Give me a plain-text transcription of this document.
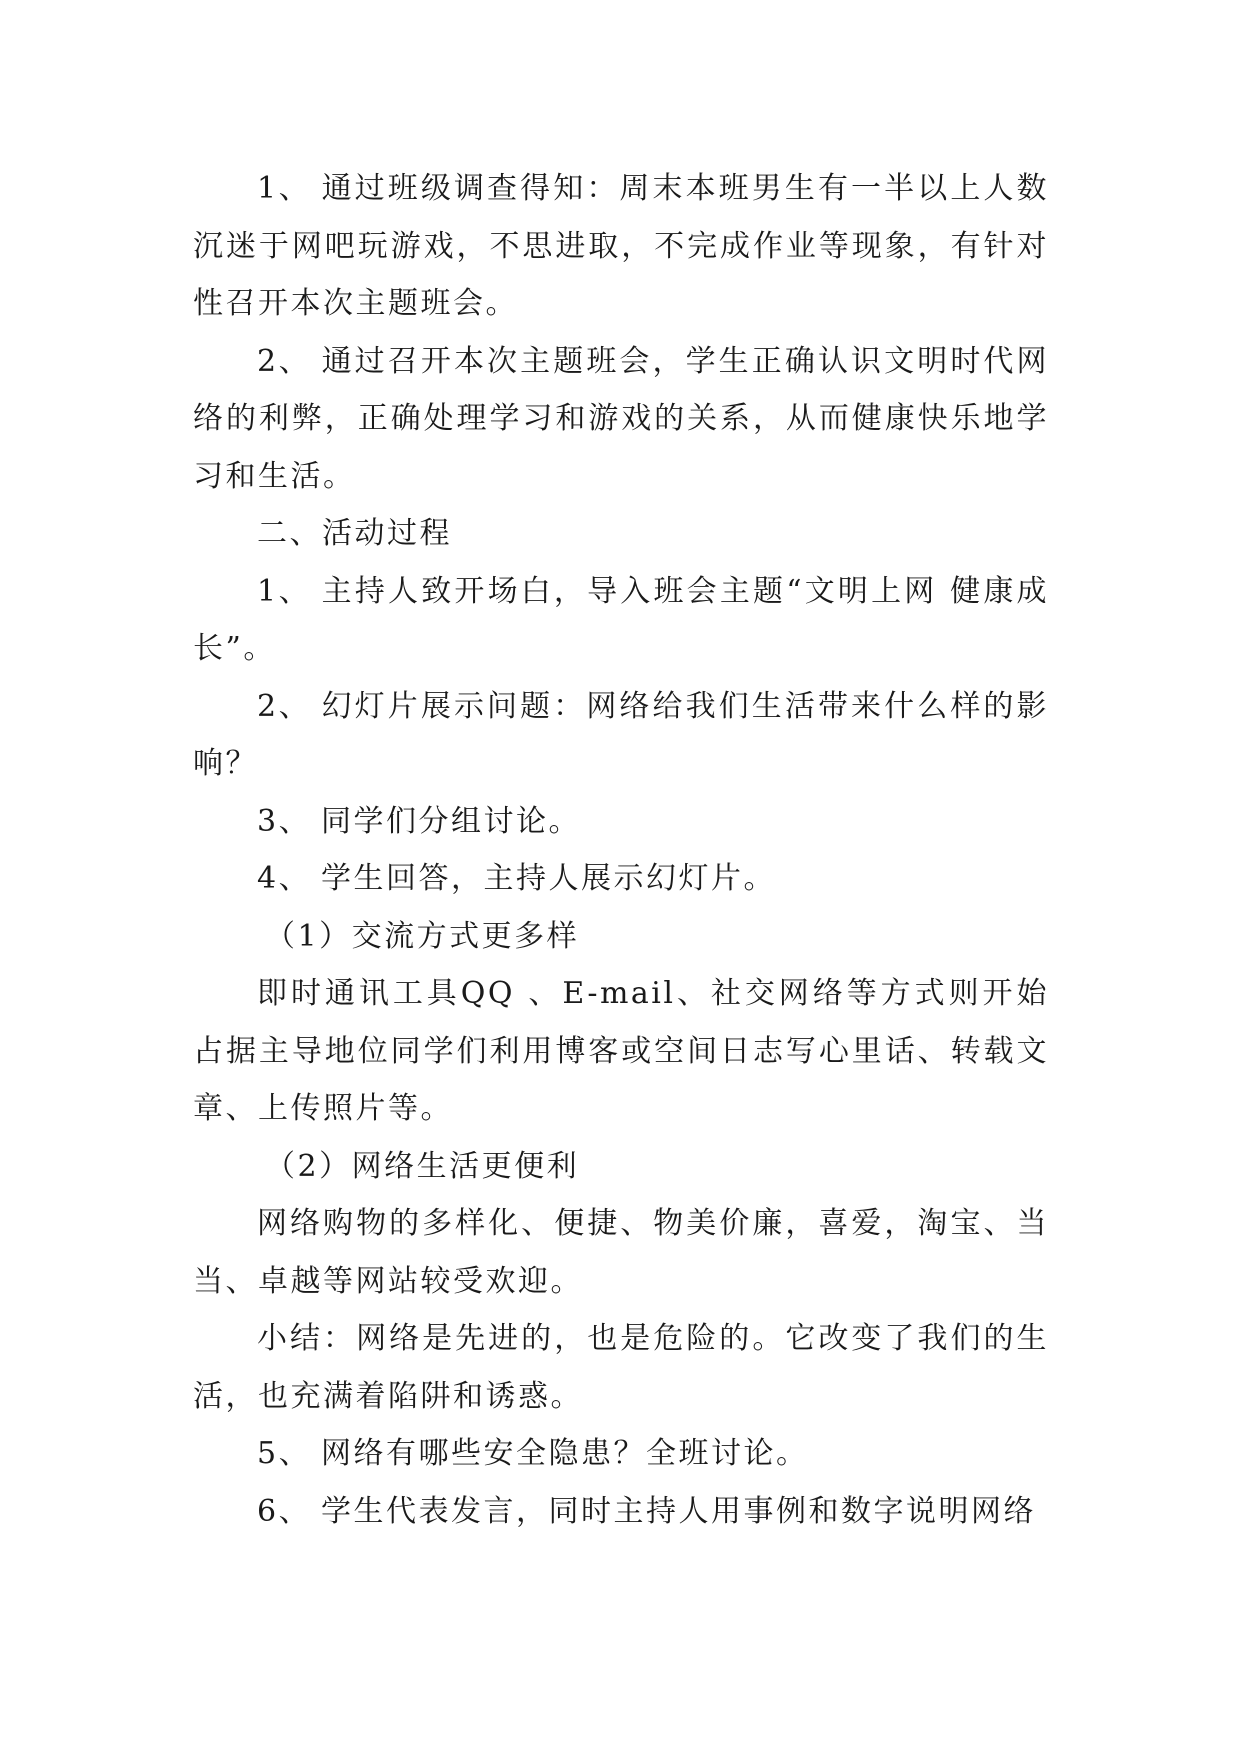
1、 通过班级调查得知：周末本班男生有一半以上人数沉迷于网吧玩游戏，不思进取，不完成作业等现象，有针对性召开本次主题班会。

2、 通过召开本次主题班会，学生正确认识文明时代网络的利弊，正确处理学习和游戏的关系，从而健康快乐地学习和生活。

二、活动过程

1、 主持人致开场白，导入班会主题“文明上网 健康成长”。

2、 幻灯片展示问题：网络给我们生活带来什么样的影响？

3、 同学们分组讨论。

4、 学生回答，主持人展示幻灯片。

（1）交流方式更多样

即时通讯工具QQ 、E-mail、社交网络等方式则开始占据主导地位同学们利用博客或空间日志写心里话、转载文章、上传照片等。

（2）网络生活更便利

网络购物的多样化、便捷、物美价廉，喜爱，淘宝、当当、卓越等网站较受欢迎。

小结：网络是先进的，也是危险的。它改变了我们的生活，也充满着陷阱和诱惑。

5、 网络有哪些安全隐患？全班讨论。

6、 学生代表发言，同时主持人用事例和数字说明网络
